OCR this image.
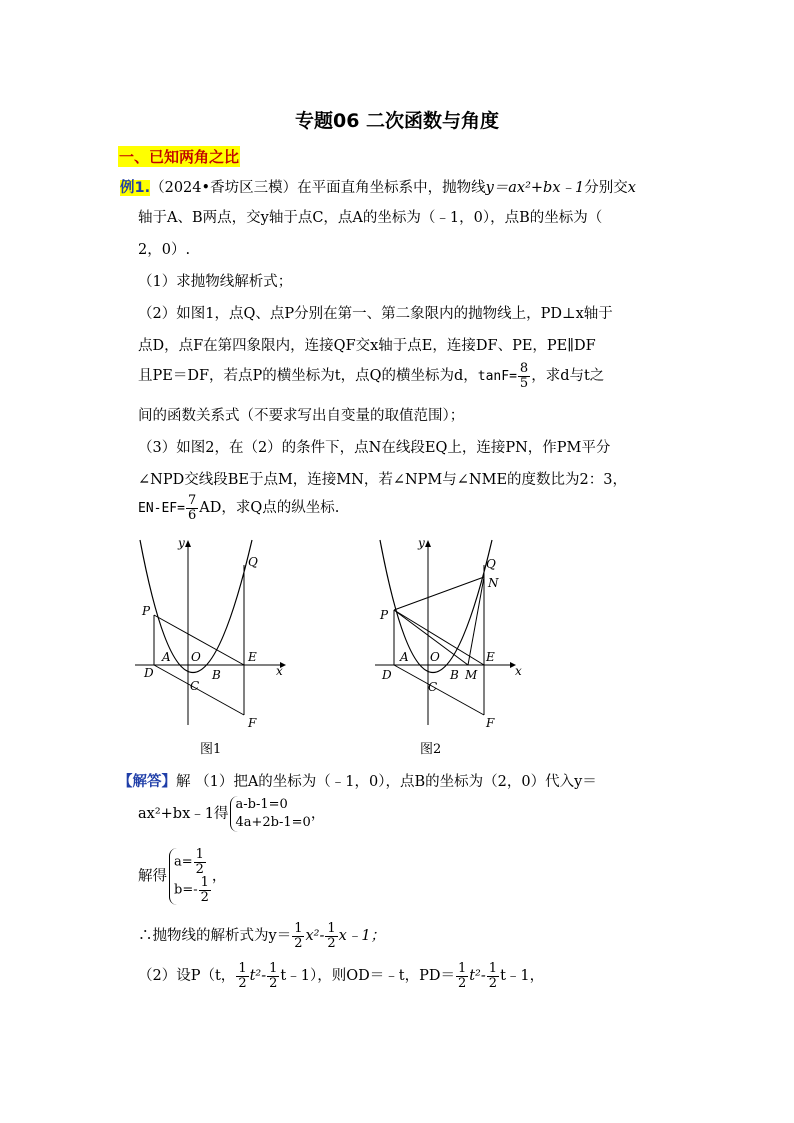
专题06 二次函数与角度
一、已知两角之比
例1.（2024•香坊区三模）在平面直角坐标系中，抛物线y＝ax²+bx﹣1分别交x
轴于A、B两点，交y轴于点C，点A的坐标为（﹣1，0），点B的坐标为（
2，0）.
（1）求抛物线解析式；
（2）如图1，点Q、点P分别在第一、第二象限内的抛物线上，PD⊥x轴于
点D，点F在第四象限内，连接QF交x轴于点E，连接DF、PE，PE∥DF
且PE＝DF，若点P的横坐标为t，点Q的横坐标为d，$\tan F= \frac{8}{5}$ ，求d与t之
间的函数关系式（不要求写出自变量的取值范围）；
（3）如图2，在（2）的条件下，点N在线段EQ上，连接PN，作PM平分
∠NPD交线段BE于点M，连接MN，若∠NPM与∠NME的度数比为2：3，
$EN-EF= \frac{7}{6}$ AD，求Q点的纵坐标.
y
Q
P
A O	E
x
D	B
C
F
图1
y
Q
N
P
A O	E
x
D	B M
C
F
图2
【解答】解 （1）把A的坐标为（﹣1，0），点B的坐标为（2，0）代入y＝
ax²+bx﹣1得
a-b-1=0
4a+2b-1=0
，
解得
$a= \frac{1}{2}$
$b=- \frac{1}{2}$ ，
∴抛物线的解析式为$y= \frac{1}{2} x^2- \frac{1}{2}$ x﹣1；
（2）设P（t， $\frac{1}{2} t^2- \frac{1}{2}$ t﹣1），则OD＝﹣t，$PD= \frac{1}{2} t^2- \frac{1}{2}$ t﹣1，
